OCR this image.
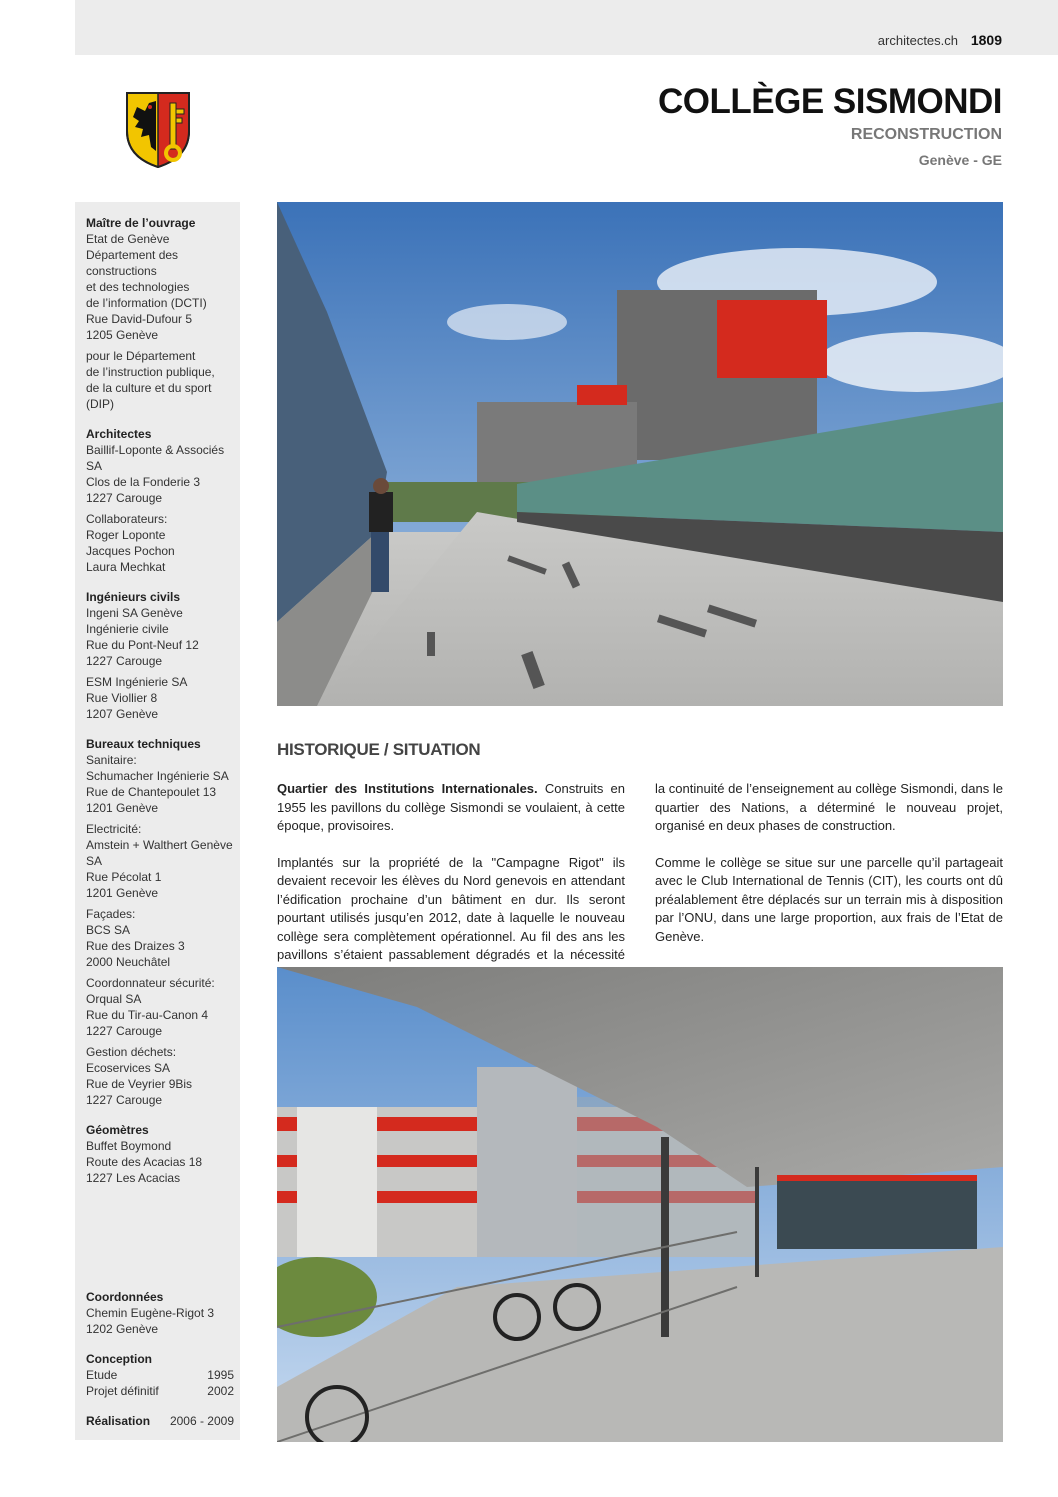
architectes.ch 1809
COLLÈGE SISMONDI
RECONSTRUCTION
Genève - GE
Maître de l’ouvrage
Etat de Genève
Département des constructions
et des technologies
de l’information (DCTI)
Rue David-Dufour 5
1205 Genève
pour le Département
de l’instruction publique,
de la culture et du sport (DIP)
Architectes
Baillif-Loponte & Associés SA
Clos de la Fonderie 3
1227 Carouge
Collaborateurs:
Roger Loponte
Jacques Pochon
Laura Mechkat
Ingénieurs civils
Ingeni SA Genève
Ingénierie civile
Rue du Pont-Neuf 12
1227 Carouge
ESM Ingénierie SA
Rue Viollier 8
1207 Genève
Bureaux techniques
Sanitaire:
Schumacher Ingénierie SA
Rue de Chantepoulet 13
1201 Genève
Electricité:
Amstein + Walthert Genève SA
Rue Pécolat 1
1201 Genève
Façades:
BCS SA
Rue des Draizes 3
2000 Neuchâtel
Coordonnateur sécurité:
Orqual SA
Rue du Tir-au-Canon 4
1227 Carouge
Gestion déchets:
Ecoservices SA
Rue de Veyrier 9Bis
1227 Carouge
Géomètres
Buffet Boymond
Route des Acacias 18
1227 Les Acacias
Coordonnées
Chemin Eugène-Rigot 3
1202 Genève
Conception
Etude	1995
Projet définitif	2002
Réalisation 2006 - 2009
HISTORIQUE / SITUATION

Quartier des Institutions Internationales. Construits en 1955 les pavillons du collège Sismondi se voulaient, à cette époque, provisoires.

Implantés sur la propriété de la "Campagne Rigot" ils devaient recevoir les élèves du Nord genevois en attendant l’édification prochaine d’un bâtiment en dur. Ils seront pourtant utilisés jusqu’en 2012, date à laquelle le nouveau collège sera complètement opérationnel. Au fil des ans les pavillons s’étaient passablement dégradés et la nécessité

la continuité de l’enseignement au collège Sismondi, dans le quartier des Nations, a déterminé le nouveau projet, organisé en deux phases de construction.

Comme le collège se situe sur une parcelle qu’il partageait avec le Club International de Tennis (CIT), les courts ont dû préalablement être déplacés sur un terrain mis à disposition par l’ONU, dans une large proportion, aux frais de l’Etat de Genève.
